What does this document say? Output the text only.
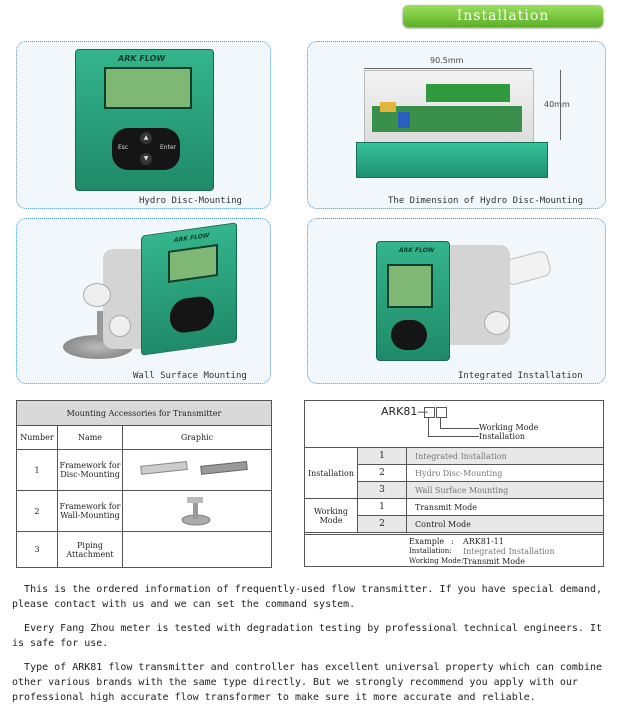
Installation
ARK FLOW
▲
▼
Esc	Enter
Hydro Disc-Mounting
90.5mm
40mm
The Dimension of Hydro Disc-Mounting
ARK FLOW
Wall Surface Mounting
ARK FLOW
Integrated Installation
Mounting Accessories for Transmitter		
Number	Name	Graphic
1	Framework for Disc-Mounting	
2	Framework for Wall-Mounting	
3	Piping Attachment	
ARK81—
Working Mode
Installation
Installation	1	Integrated Installation
	2	Hydro Disc-Mounting
	3	Wall Surface Mounting
Working Mode	1	Transmit Mode
	2	Control Mode
Example : ARK81-11
Installation: Integrated Installation
Working Mode: Transmit Mode
This is the ordered information of frequently-used flow transmitter. If you have special demand, please contact with us and we can set the command system.
Every Fang Zhou meter is tested with degradation testing by professional technical engineers. It is safe for use.
Type of ARK81 flow transmitter and controller has excellent universal property which can combine other various brands with the same type directly. But we strongly recommend you apply with our professional high accurate flow transformer to make sure it more accurate and reliable.
